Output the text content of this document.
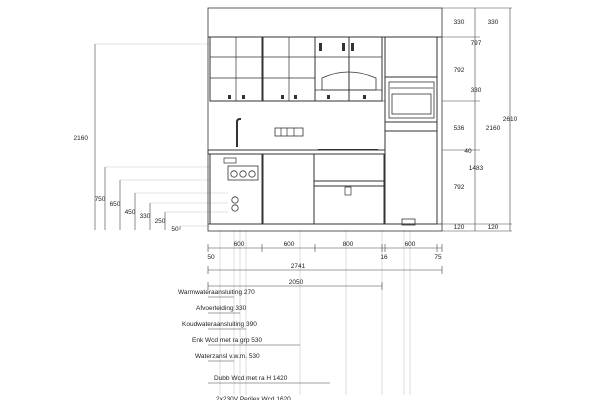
2160
750
650
450
330
250
50
330
792
536
792
120
330
797
330
40
1483
120
2160
2610
600	600	800	600
50	16	75
2741
2050
Warmwateraansluiting 270
Afvoerleiding 330
Koudwateraansluiting 390
Enk Wcd met ra grp 530
Waterzansl v.w.m. 530
Dubb Wcd met ra H 1420
2x230V Perilex Wcd 1620
